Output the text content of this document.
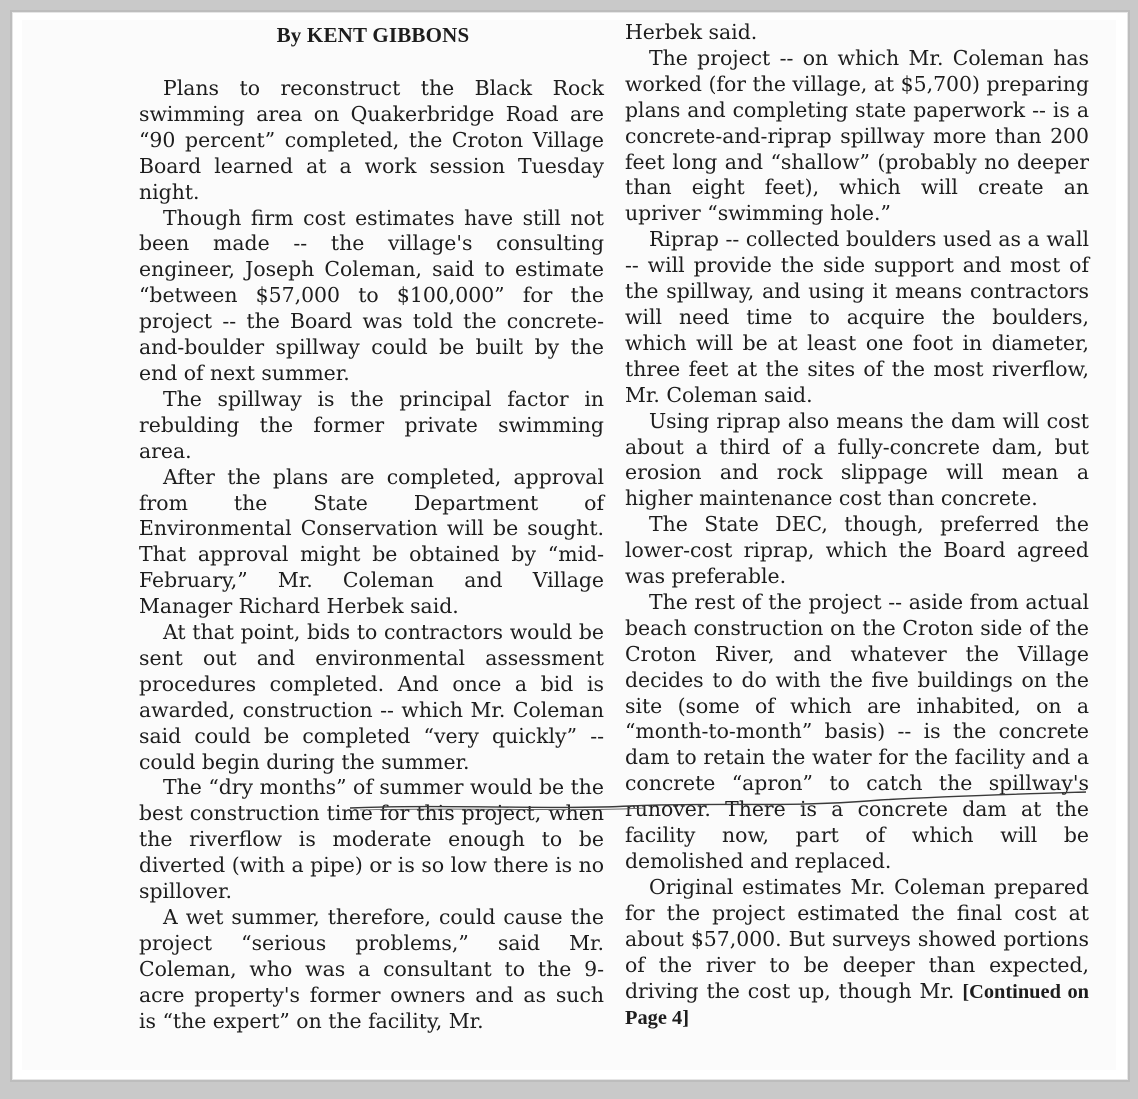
By KENT GIBBONS

Plans to reconstruct the Black Rock swimming area on Quakerbridge Road are “90 percent” completed, the Croton Village Board learned at a work session Tuesday night.

Though firm cost estimates have still not been made -- the village's consulting engineer, Joseph Coleman, said to estimate “between $57,000 to $100,000” for the project -- the Board was told the concrete-and-boulder spillway could be built by the end of next summer.

The spillway is the principal factor in rebulding the former private swimming area.

After the plans are completed, approval from the State Department of Environmental Conservation will be sought. That approval might be obtained by “mid-February,” Mr. Coleman and Village Manager Richard Herbek said.

At that point, bids to contractors would be sent out and environmental assessment procedures completed. And once a bid is awarded, construction -- which Mr. Coleman said could be completed “very quickly” -- could begin during the summer.

The “dry months” of summer would be the best construction time for this project, when the riverflow is moderate enough to be diverted (with a pipe) or is so low there is no spillover.

A wet summer, therefore, could cause the project “serious problems,” said Mr. Coleman, who was a consultant to the 9-acre property's former owners and as such is “the expert” on the facility, Mr.

Herbek said.

The project -- on which Mr. Coleman has worked (for the village, at $5,700) preparing plans and completing state paperwork -- is a concrete-and-riprap spillway more than 200 feet long and “shallow” (probably no deeper than eight feet), which will create an upriver “swimming hole.”

Riprap -- collected boulders used as a wall -- will provide the side support and most of the spillway, and using it means contractors will need time to acquire the boulders, which will be at least one foot in diameter, three feet at the sites of the most riverflow, Mr. Coleman said.

Using riprap also means the dam will cost about a third of a fully-concrete dam, but erosion and rock slippage will mean a higher maintenance cost than concrete.

The State DEC, though, preferred the lower-cost riprap, which the Board agreed was preferable.

The rest of the project -- aside from actual beach construction on the Croton side of the Croton River, and whatever the Village decides to do with the five buildings on the site (some of which are inhabited, on a “month-to-month” basis) -- is the concrete dam to retain the water for the facility and a concrete “apron” to catch the spillway's runover. There is a concrete dam at the facility now, part of which will be demolished and replaced.

Original estimates Mr. Coleman prepared for the project estimated the final cost at about $57,000. But surveys showed portions of the river to be deeper than expected, driving the cost up, though Mr. [Continued on Page 4]
